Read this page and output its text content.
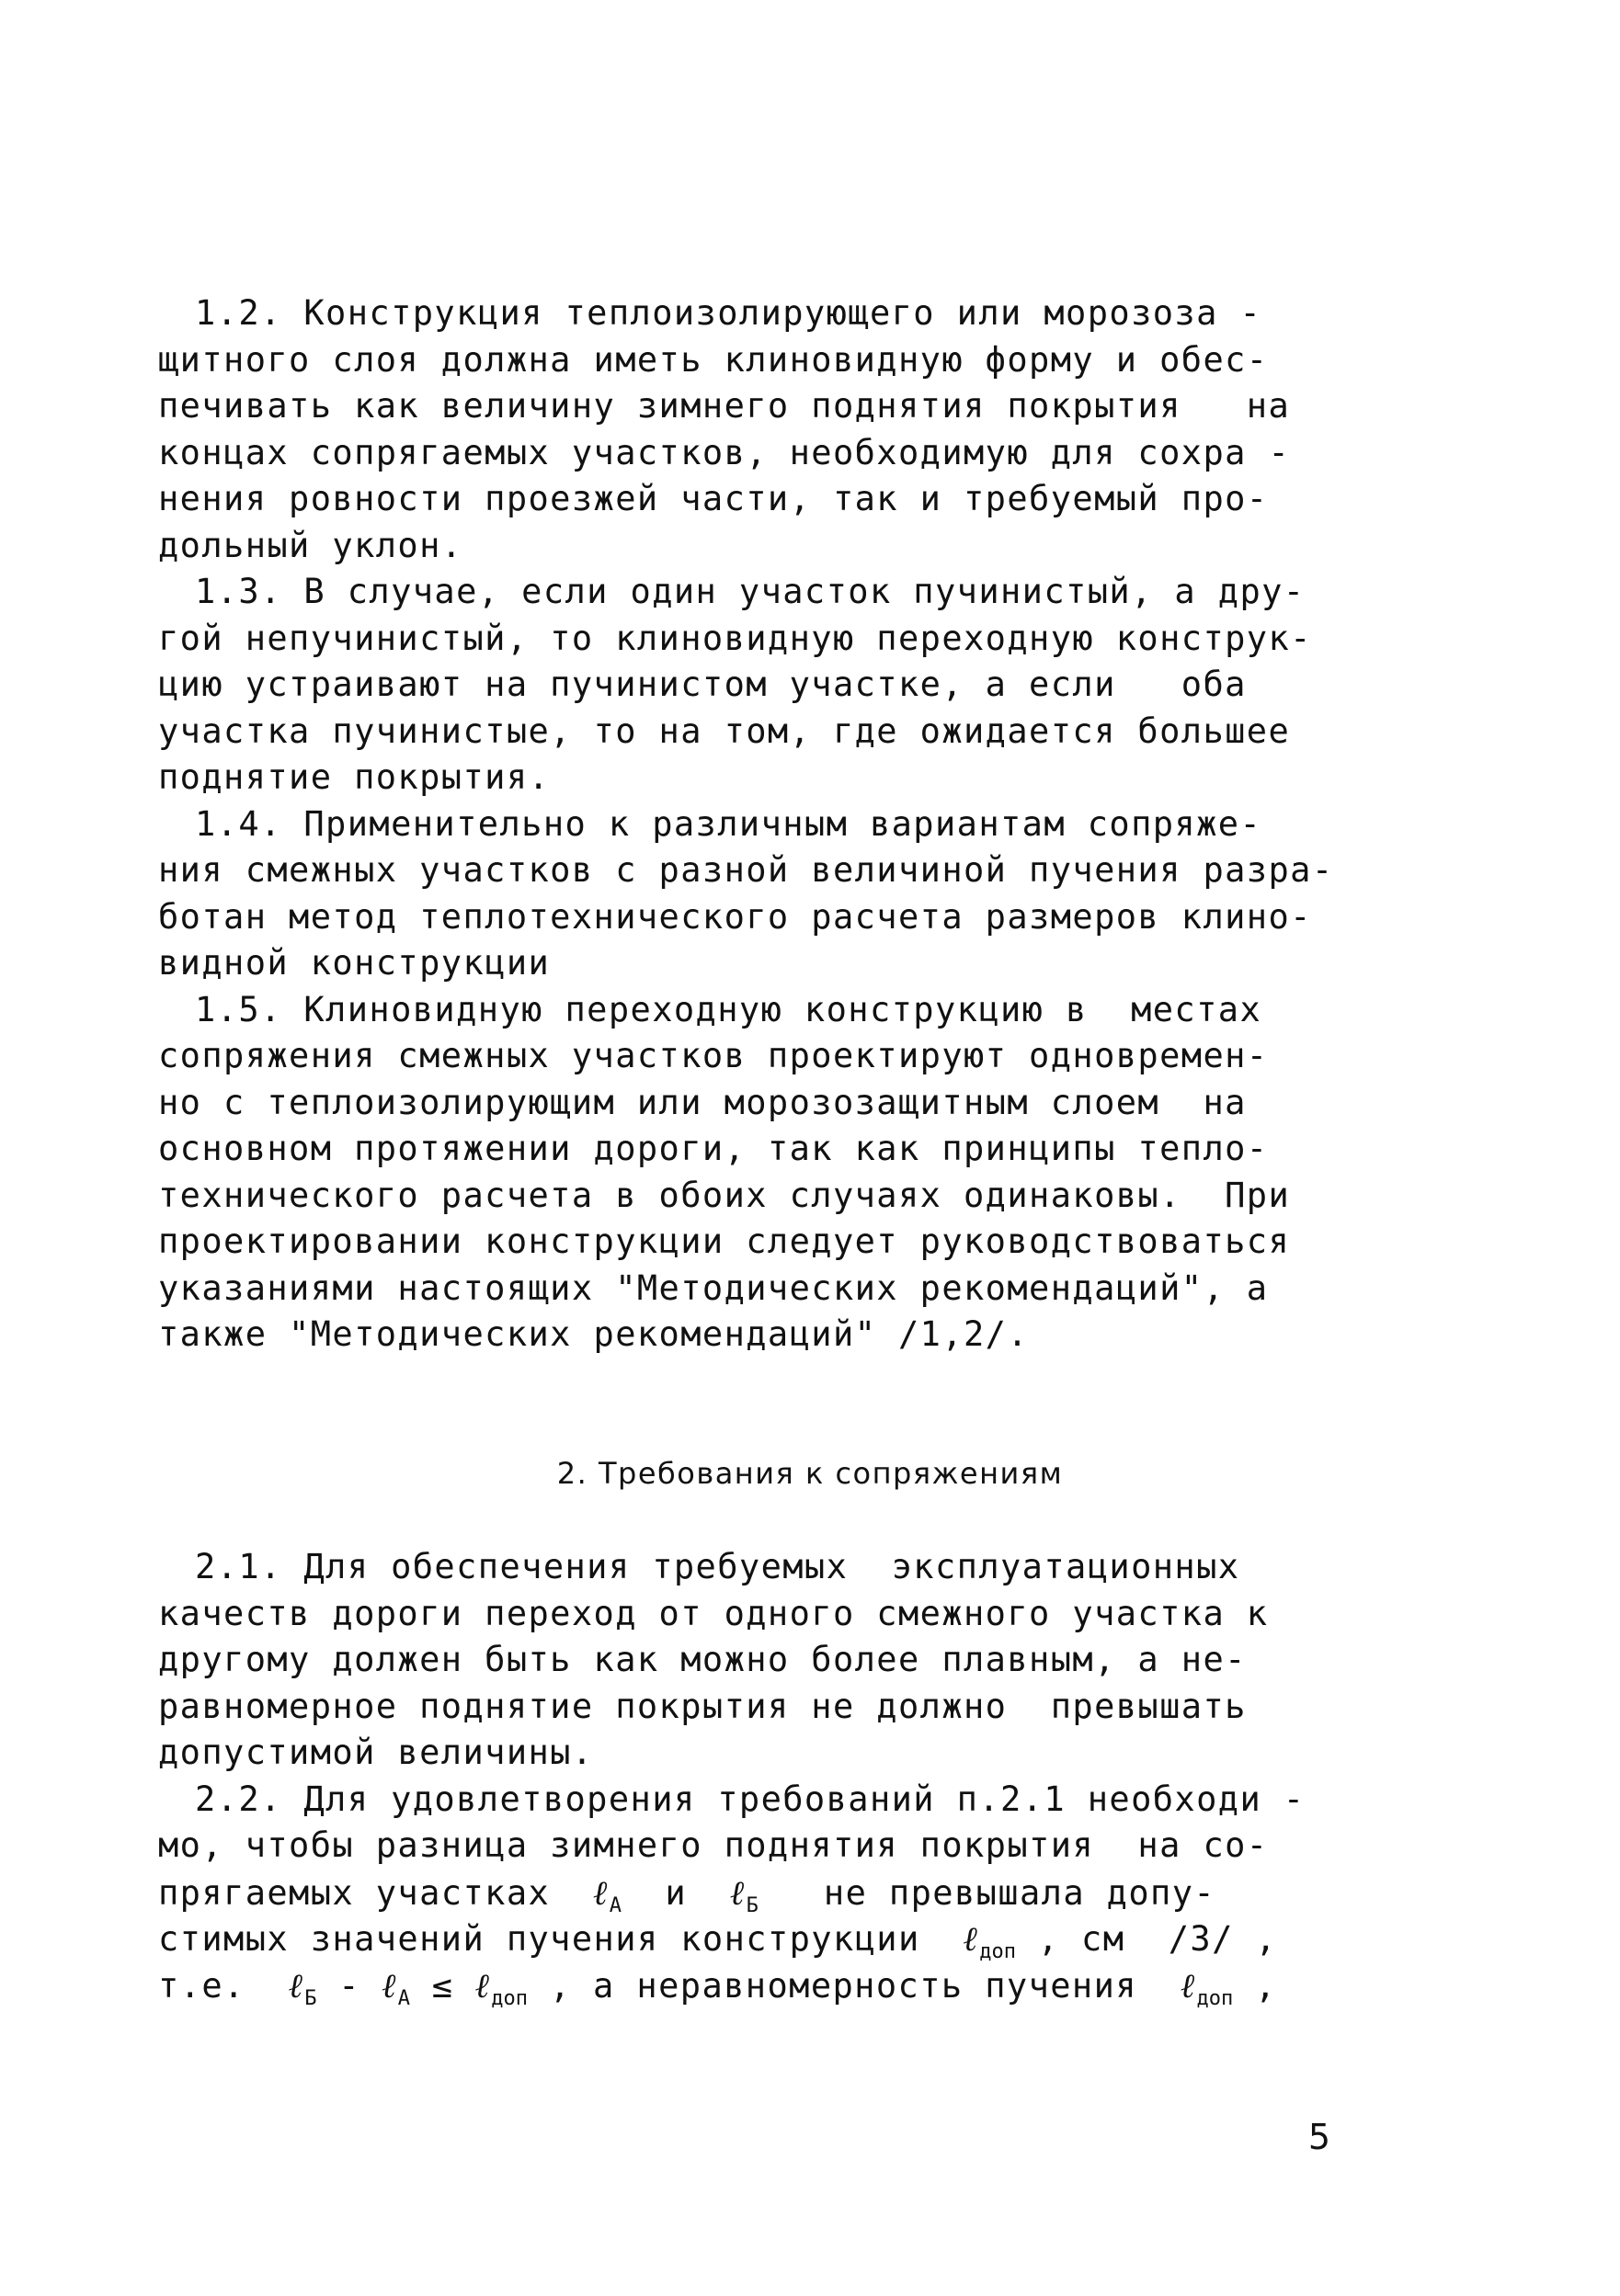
1.2. Конструкция теплоизолирующего или морозоза -
щитного слоя должна иметь клиновидную форму и обес-
печивать как величину зимнего поднятия покрытия   на
концах сопрягаемых участков, необходимую для сохра -
нения ровности проезжей части, так и требуемый про-
дольный уклон.
1.3. В случае, если один участок пучинистый, а дру-
гой непучинистый, то клиновидную переходную конструк-
цию устраивают на пучинистом участке, а если   оба
участка пучинистые, то на том, где ожидается большее
поднятие покрытия.
1.4. Применительно к различным вариантам сопряже-
ния смежных участков с разной величиной пучения разра-
ботан метод теплотехнического расчета размеров клино-
видной конструкции
1.5. Клиновидную переходную конструкцию в  местах
сопряжения смежных участков проектируют одновремен-
но с теплоизолирующим или морозозащитным слоем  на
основном протяжении дороги, так как принципы тепло-
технического расчета в обоих случаях одинаковы.  При
проектировании конструкции следует руководствоваться
указаниями настоящих "Методических рекомендаций", а
также "Методических рекомендаций" /1,2/.
2. Требования к сопряжениям
2.1. Для обеспечения требуемых  эксплуатационных
качеств дороги переход от одного смежного участка к
другому должен быть как можно более плавным, а не-
равномерное поднятие покрытия не должно  превышать
допустимой величины.
2.2. Для удовлетворения требований п.2.1 необходи -
мо, чтобы разница зимнего поднятия покрытия  на со-
прягаемых участках  ℓ$_А$  и  ℓ$_Б$   не превышала допу-
стимых значений пучения конструкции  ℓ$_{доп}$ , см  /3/ ,
т.е.  ℓ$_Б$ - ℓ$_А$ ≤ ℓ$_{доп}$ , а неравномерность пучения  ℓ$_{доп}$ ,
5
